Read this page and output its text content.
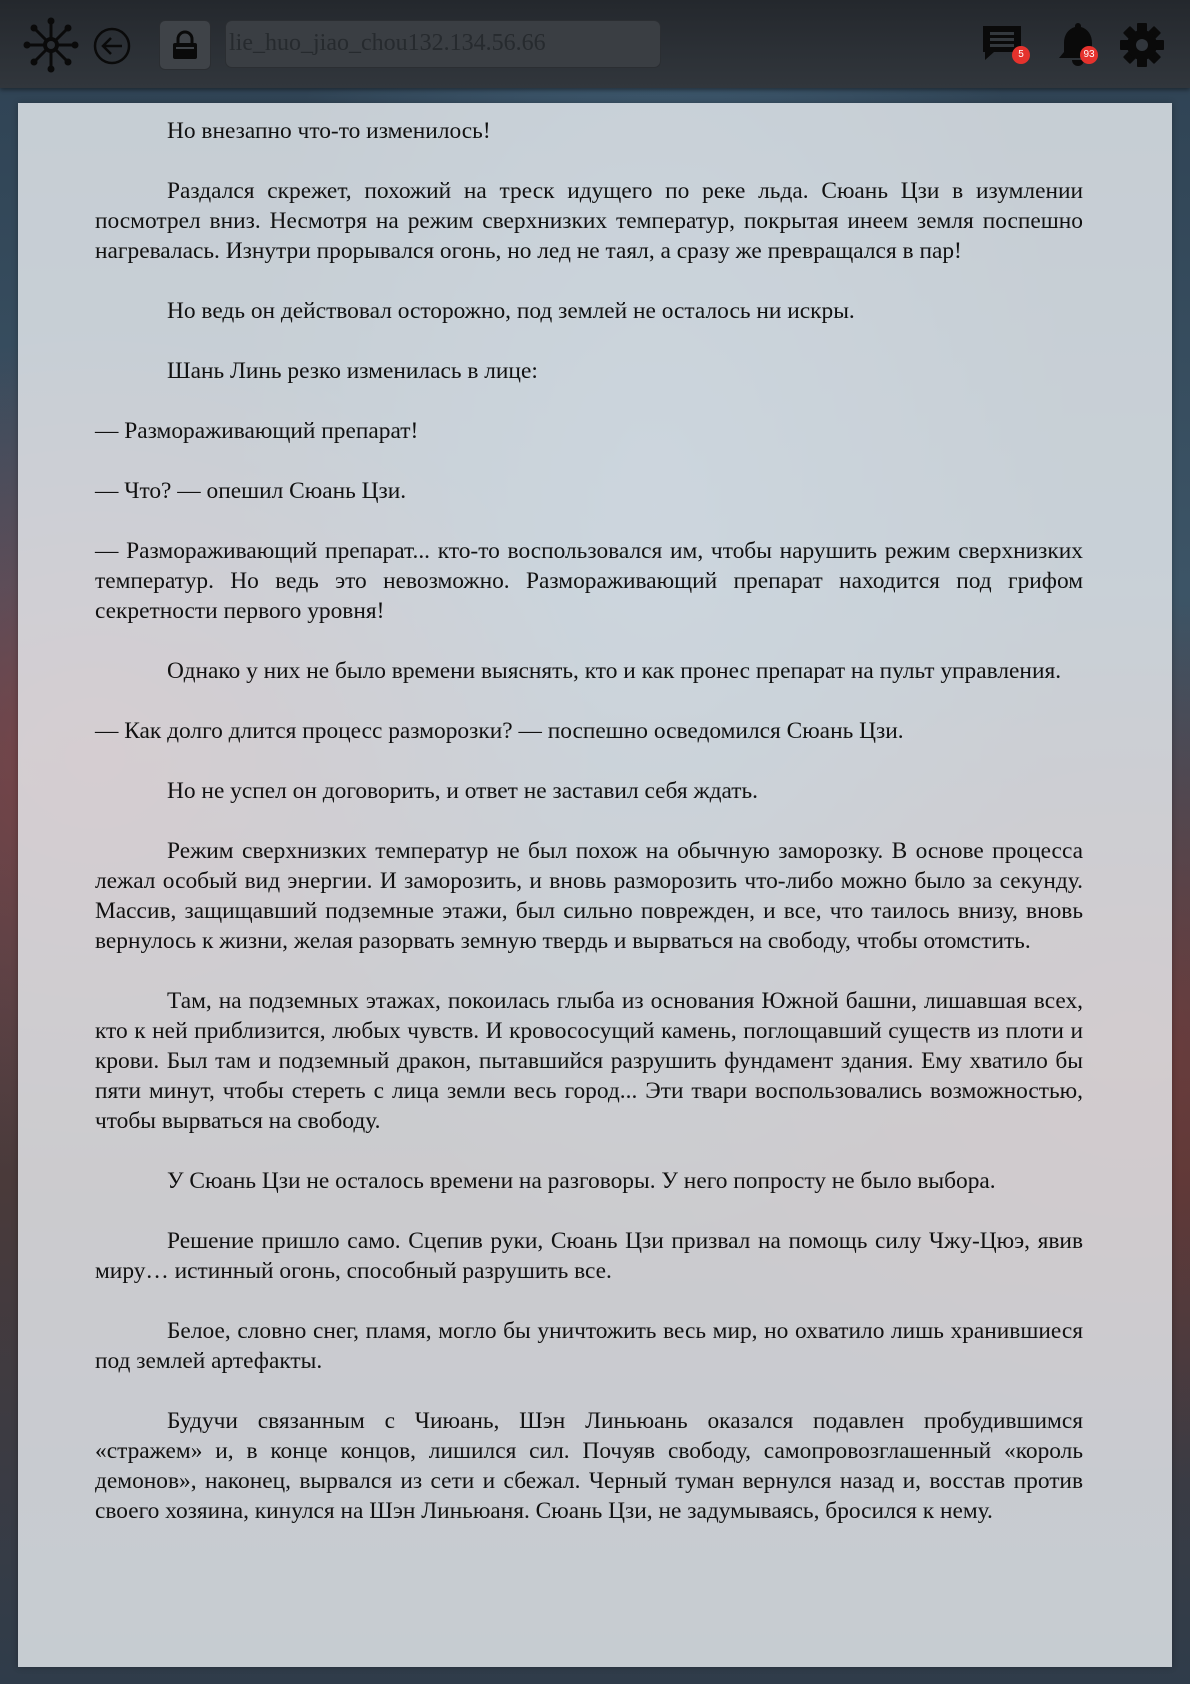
lie_huo_jiao_chou132.134.56.66	5	93

Но внезапно что-то изменилось!

Раздался скрежет, похожий на треск идущего по реке льда. Сюань Цзи в изумлении посмотрел вниз. Несмотря на режим сверхнизких температур, покрытая инеем земля поспешно нагревалась. Изнутри прорывался огонь, но лед не таял, а сразу же превращался в пар!

Но ведь он действовал осторожно, под землей не осталось ни искры.

Шань Линь резко изменилась в лице:

— Размораживающий препарат!

— Что? — опешил Сюань Цзи.

— Размораживающий препарат... кто-то воспользовался им, чтобы нарушить режим сверхнизких температур. Но ведь это невозможно. Размораживающий препарат находится под грифом секретности первого уровня!

Однако у них не было времени выяснять, кто и как пронес препарат на пульт управления.

— Как долго длится процесс разморозки? — поспешно осведомился Сюань Цзи.

Но не успел он договорить, и ответ не заставил себя ждать.

Режим сверхнизких температур не был похож на обычную заморозку. В основе процесса лежал особый вид энергии. И заморозить, и вновь разморозить что-либо можно было за секунду. Массив, защищавший подземные этажи, был сильно поврежден, и все, что таилось внизу, вновь вернулось к жизни, желая разорвать земную твердь и вырваться на свободу, чтобы отомстить.

Там, на подземных этажах, покоилась глыба из основания Южной башни, лишавшая всех, кто к ней приблизится, любых чувств. И кровососущий камень, поглощавший существ из плоти и крови. Был там и подземный дракон, пытавшийся разрушить фундамент здания. Ему хватило бы пяти минут, чтобы стереть с лица земли весь город... Эти твари воспользовались возможностью, чтобы вырваться на свободу.

У Сюань Цзи не осталось времени на разговоры. У него попросту не было выбора.

Решение пришло само. Сцепив руки, Сюань Цзи призвал на помощь силу Чжу-Цюэ, явив миру… истинный огонь, способный разрушить все.

Белое, словно снег, пламя, могло бы уничтожить весь мир, но охватило лишь хранившиеся под землей артефакты.

Будучи связанным с Чиюань, Шэн Линьюань оказался подавлен пробудившимся «стражем» и, в конце концов, лишился сил. Почуяв свободу, самопровозглашенный «король демонов», наконец, вырвался из сети и сбежал. Черный туман вернулся назад и, восстав против своего хозяина, кинулся на Шэн Линьюаня. Сюань Цзи, не задумываясь, бросился к нему.
